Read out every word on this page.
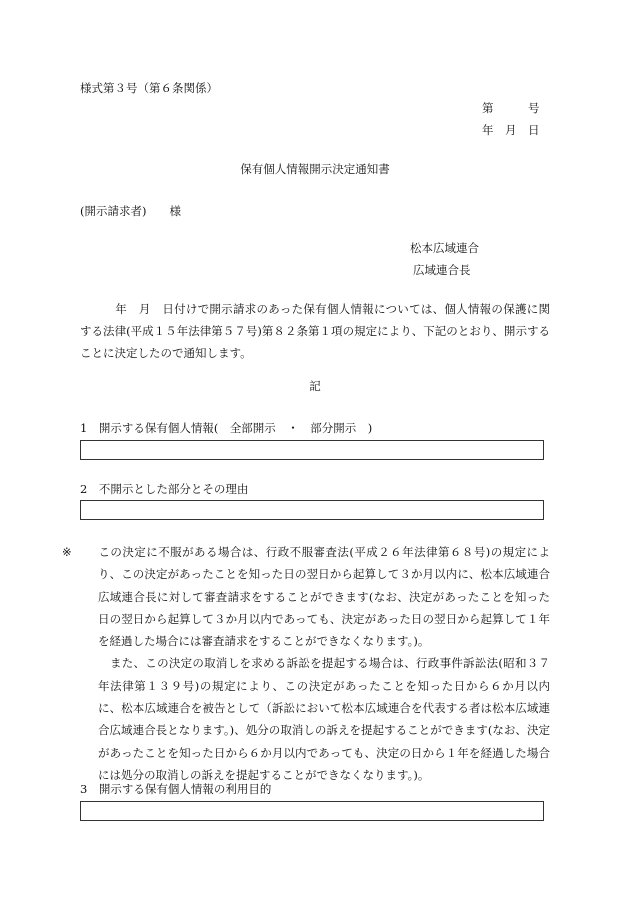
様式第３号（第６条関係）
第　　　号
年　月　日
保有個人情報開示決定通知書
(開示請求者)　　様
松本広域連合
広域連合長
　　　年　月　日付けで開示請求のあった保有個人情報については、個人情報の保護に関する法律(平成１５年法律第５７号)第８２条第１項の規定により、下記のとおり、開示することに決定したので通知します。
記
1　開示する保有個人情報(　全部開示　・　部分開示　)
2　不開示とした部分とその理由

※ この決定に不服がある場合は、行政不服審査法(平成２６年法律第６８号)の規定により、この決定があったことを知った日の翌日から起算して３か月以内に、松本広域連合広域連合長に対して審査請求をすることができます(なお、決定があったことを知った日の翌日から起算して３か月以内であっても、決定があった日の翌日から起算して１年を経過した場合には審査請求をすることができなくなります。)。

また、この決定の取消しを求める訴訟を提起する場合は、行政事件訴訟法(昭和３７年法律第１３９号)の規定により、この決定があったことを知った日から６か月以内に、松本広域連合を被告として（訴訟において松本広域連合を代表する者は松本広域連合広域連合長となります。)、処分の取消しの訴えを提起することができます(なお、決定があったことを知った日から６か月以内であっても、決定の日から１年を経過した場合には処分の取消しの訴えを提起することができなくなります。)。

3　開示する保有個人情報の利用目的
